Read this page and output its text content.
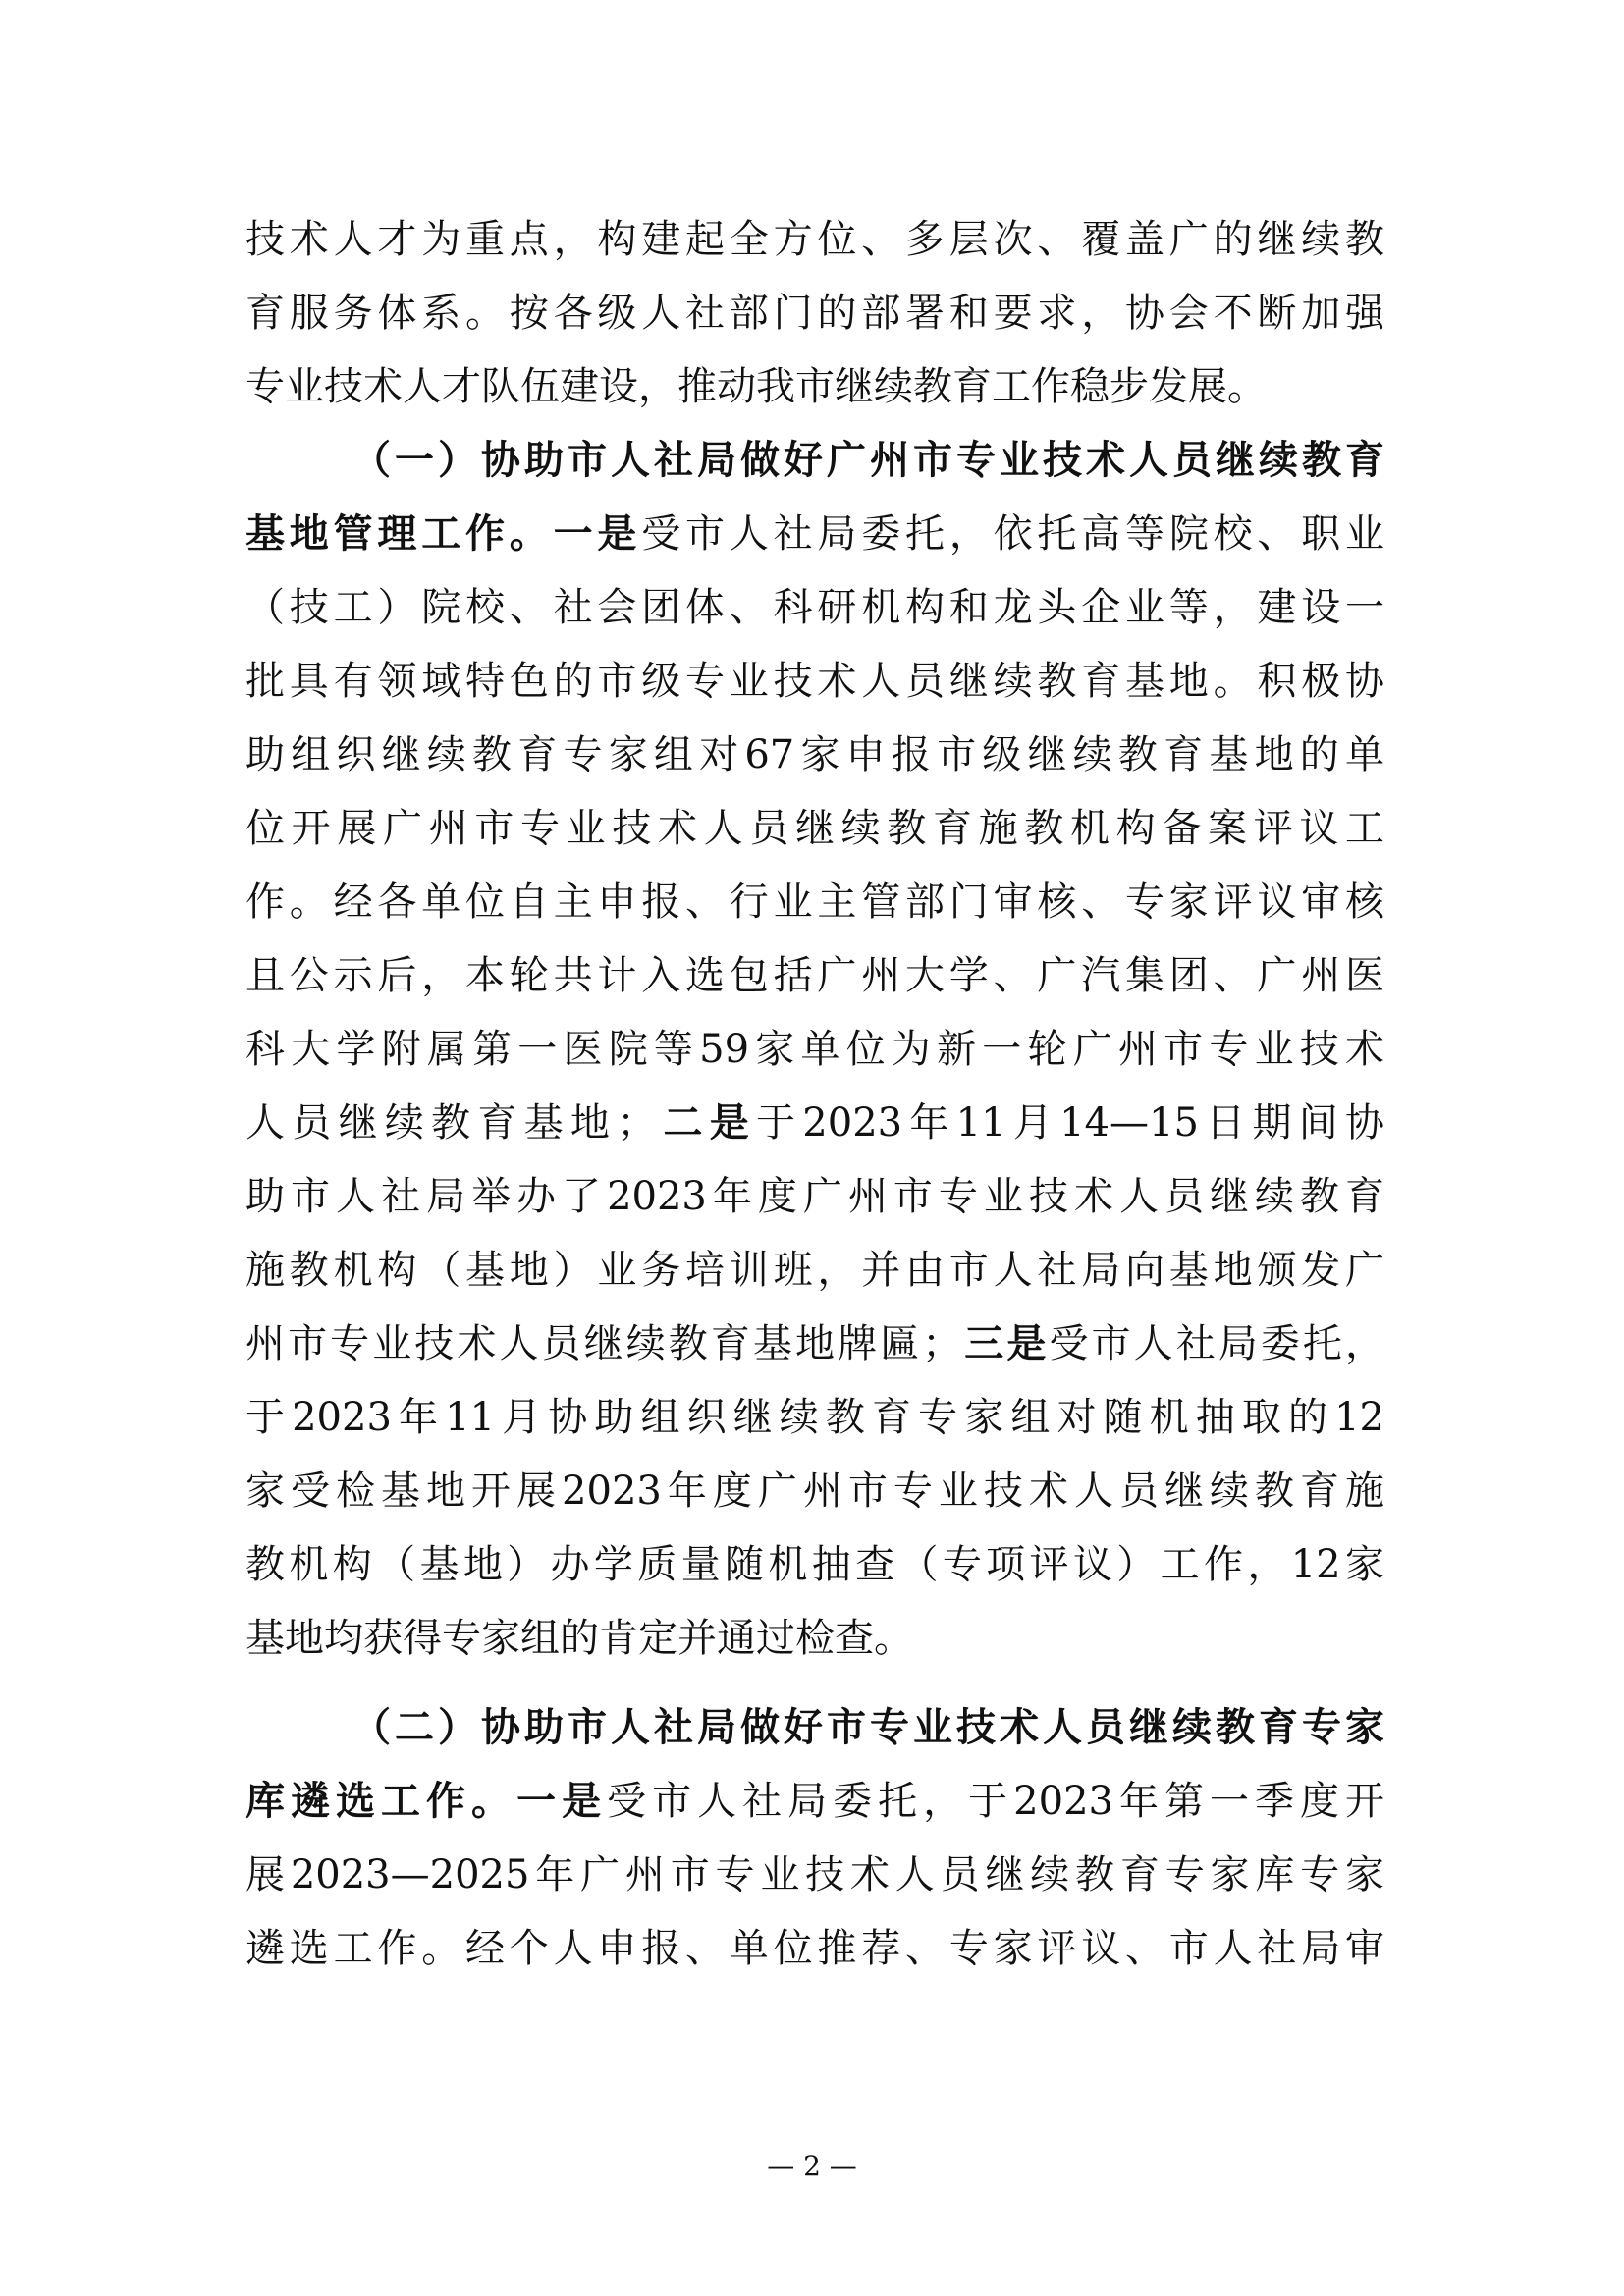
技术人才为重点，构建起全方位、多层次、覆盖广的继续教
育服务体系。按各级人社部门的部署和要求，协会不断加强
专业技术人才队伍建设，推动我市继续教育工作稳步发展。
（一）协助市人社局做好广州市专业技术人员继续教育
基地管理工作。一是受市人社局委托，依托高等院校、职业
（技工）院校、社会团体、科研机构和龙头企业等，建设一
批具有领域特色的市级专业技术人员继续教育基地。积极协
助组织继续教育专家组对67家申报市级继续教育基地的单
位开展广州市专业技术人员继续教育施教机构备案评议工
作。经各单位自主申报、行业主管部门审核、专家评议审核
且公示后，本轮共计入选包括广州大学、广汽集团、广州医
科大学附属第一医院等59家单位为新一轮广州市专业技术
人员继续教育基地；二是于2023年11月14—15日期间协
助市人社局举办了2023年度广州市专业技术人员继续教育
施教机构（基地）业务培训班，并由市人社局向基地颁发广
州市专业技术人员继续教育基地牌匾；三是受市人社局委托，
于2023年11月协助组织继续教育专家组对随机抽取的12
家受检基地开展2023年度广州市专业技术人员继续教育施
教机构（基地）办学质量随机抽查（专项评议）工作，12家
基地均获得专家组的肯定并通过检查。
（二）协助市人社局做好市专业技术人员继续教育专家
库遴选工作。一是受市人社局委托，于2023年第一季度开
展2023—2025年广州市专业技术人员继续教育专家库专家
遴选工作。经个人申报、单位推荐、专家评议、市人社局审
— 2 —
